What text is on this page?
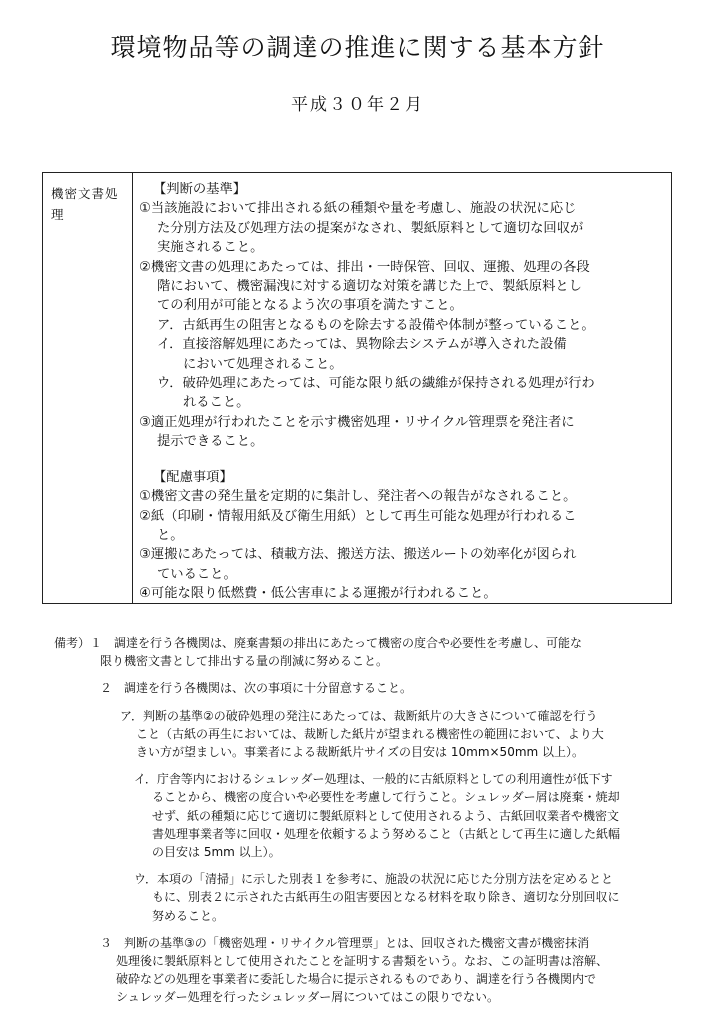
環境物品等の調達の推進に関する基本方針
平成３０年２月
機密文書処
理
【判断の基準】
①当該施設において排出される紙の種類や量を考慮し、施設の状況に応じ
た分別方法及び処理方法の提案がなされ、製紙原料として適切な回収が
実施されること。
②機密文書の処理にあたっては、排出・一時保管、回収、運搬、処理の各段
階において、機密漏洩に対する適切な対策を講じた上で、製紙原料とし
ての利用が可能となるよう次の事項を満たすこと。
ア．古紙再生の阻害となるものを除去する設備や体制が整っていること。
イ．直接溶解処理にあたっては、異物除去システムが導入された設備
において処理されること。
ウ．破砕処理にあたっては、可能な限り紙の繊維が保持される処理が行わ
れること。
③適正処理が行われたことを示す機密処理・リサイクル管理票を発注者に
提示できること。
【配慮事項】
①機密文書の発生量を定期的に集計し、発注者への報告がなされること。
②紙（印刷・情報用紙及び衛生用紙）として再生可能な処理が行われるこ
と。
③運搬にあたっては、積載方法、搬送方法、搬送ルートの効率化が図られ
ていること。
④可能な限り低燃費・低公害車による運搬が行われること。
備考）１　調達を行う各機関は、廃棄書類の排出にあたって機密の度合や必要性を考慮し、可能な
限り機密文書として排出する量の削減に努めること。
２　調達を行う各機関は、次の事項に十分留意すること。
ア．判断の基準②の破砕処理の発注にあたっては、裁断紙片の大きさについて確認を行う
こと（古紙の再生においては、裁断した紙片が望まれる機密性の範囲において、より大
きい方が望ましい。事業者による裁断紙片サイズの目安は 10mm×50mm 以上）。
イ．庁舎等内におけるシュレッダー処理は、一般的に古紙原料としての利用適性が低下す
ることから、機密の度合いや必要性を考慮して行うこと。シュレッダー屑は廃棄・焼却
せず、紙の種類に応じて適切に製紙原料として使用されるよう、古紙回収業者や機密文
書処理事業者等に回収・処理を依頼するよう努めること（古紙として再生に適した紙幅
の目安は 5mm 以上）。
ウ．本項の「清掃」に示した別表１を参考に、施設の状況に応じた分別方法を定めるとと
もに、別表２に示された古紙再生の阻害要因となる材料を取り除き、適切な分別回収に
努めること。
３　判断の基準③の「機密処理・リサイクル管理票」とは、回収された機密文書が機密抹消
処理後に製紙原料として使用されたことを証明する書類をいう。なお、この証明書は溶解、
破砕などの処理を事業者に委託した場合に提示されるものであり、調達を行う各機関内で
シュレッダー処理を行ったシュレッダー屑についてはこの限りでない。
